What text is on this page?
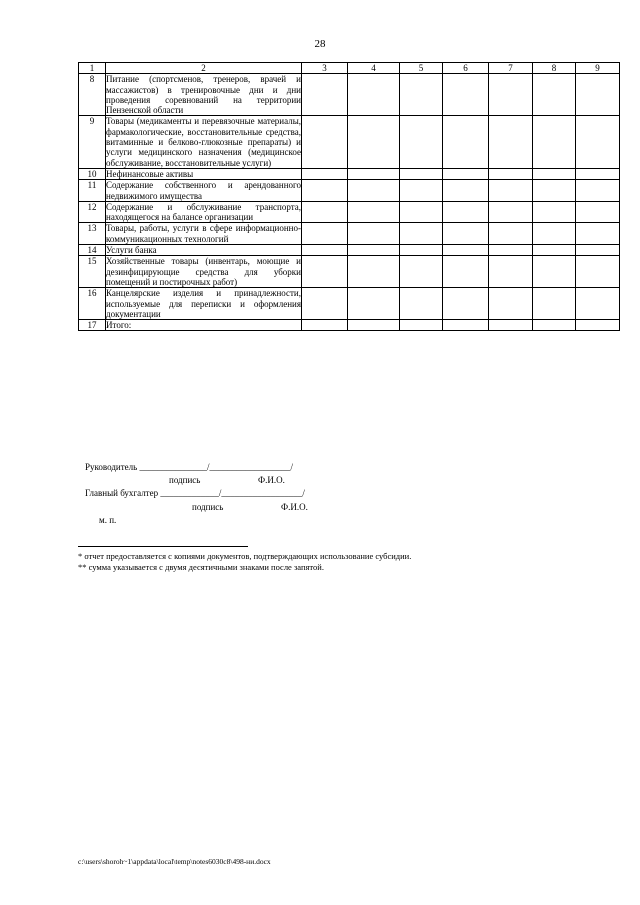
28
1	2	3	4	5	6	7	8	9
8	Питание (спортсменов, тренеров, врачей и массажистов) в тренировочные дни и дни проведения соревнований на территории Пензенской области							
9	Товары (медикаменты и перевязочные материалы, фармакологические, восстановительные средства, витаминные и белково-глюкозные препараты) и услуги медицинского назначения (медицинское обслуживание, восстановительные услуги)							
10	Нефинансовые активы							
11	Содержание собственного и арендованного недвижимого имущества							
12	Содержание и обслуживание транспорта, находящегося на балансе организации							
13	Товары, работы, услуги в сфере информационно-коммуникационных технологий							
14	Услуги банка							
15	Хозяйственные товары (инвентарь, моющие и дезинфицирующие средства для уборки помещений и постирочных работ)							
16	Канцелярские изделия и принадлежности, используемые для переписки и оформления документации							
17	Итого:							
Руководитель _______________/__________________/
подпись	Ф.И.О.
Главный бухгалтер _____________/__________________/
подпись	Ф.И.О.
м. п.
* отчет предоставляется с копиями документов, подтверждающих использование субсидии.
** сумма указывается с двумя десятичными знаками после запятой.
c:\users\shoroh~1\appdata\local\temp\notes6030c8\498-ни.docx
